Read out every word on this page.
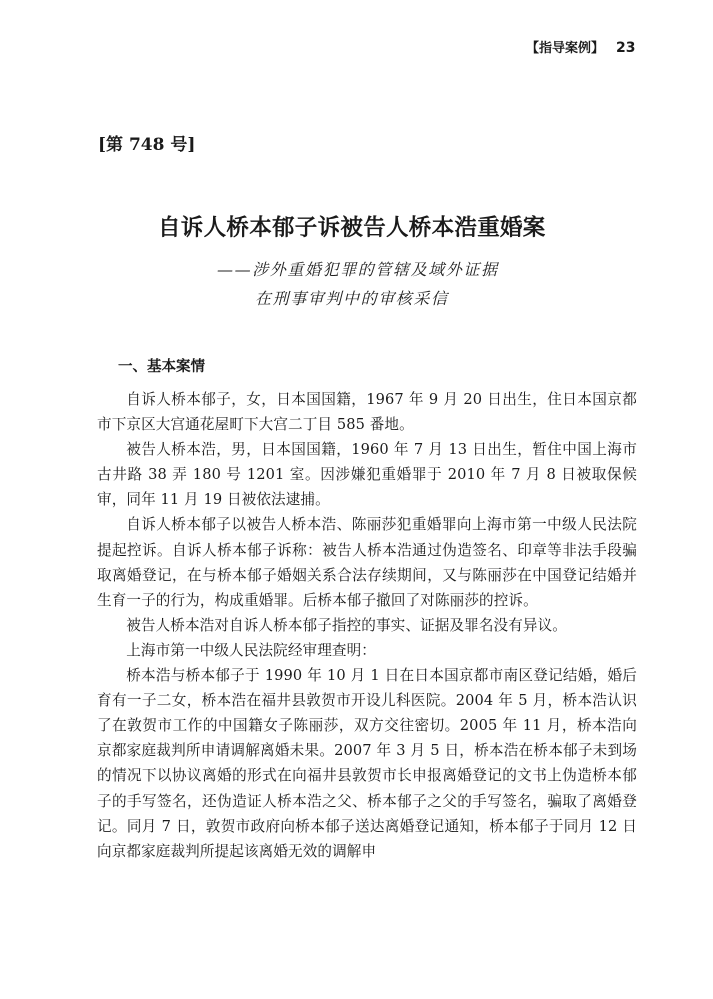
【指导案例】 23
[第 748 号]
自诉人桥本郁子诉被告人桥本浩重婚案
——涉外重婚犯罪的管辖及域外证据
在刑事审判中的审核采信
一、基本案情

自诉人桥本郁子，女，日本国国籍，1967 年 9 月 20 日出生，住日本国京都市下京区大宫通花屋町下大宫二丁目 585 番地。

被告人桥本浩，男，日本国国籍，1960 年 7 月 13 日出生，暂住中国上海市古井路 38 弄 180 号 1201 室。因涉嫌犯重婚罪于 2010 年 7 月 8 日被取保候审，同年 11 月 19 日被依法逮捕。

自诉人桥本郁子以被告人桥本浩、陈丽莎犯重婚罪向上海市第一中级人民法院提起控诉。自诉人桥本郁子诉称：被告人桥本浩通过伪造签名、印章等非法手段骗取离婚登记，在与桥本郁子婚姻关系合法存续期间，又与陈丽莎在中国登记结婚并生育一子的行为，构成重婚罪。后桥本郁子撤回了对陈丽莎的控诉。

被告人桥本浩对自诉人桥本郁子指控的事实、证据及罪名没有异议。

上海市第一中级人民法院经审理查明：

桥本浩与桥本郁子于 1990 年 10 月 1 日在日本国京都市南区登记结婚，婚后育有一子二女，桥本浩在福井县敦贺市开设儿科医院。2004 年 5 月，桥本浩认识了在敦贺市工作的中国籍女子陈丽莎，双方交往密切。2005 年 11 月，桥本浩向京都家庭裁判所申请调解离婚未果。2007 年 3 月 5 日，桥本浩在桥本郁子未到场的情况下以协议离婚的形式在向福井县敦贺市长申报离婚登记的文书上伪造桥本郁子的手写签名，还伪造证人桥本浩之父、桥本郁子之父的手写签名，骗取了离婚登记。同月 7 日，敦贺市政府向桥本郁子送达离婚登记通知，桥本郁子于同月 12 日向京都家庭裁判所提起该离婚无效的调解申
